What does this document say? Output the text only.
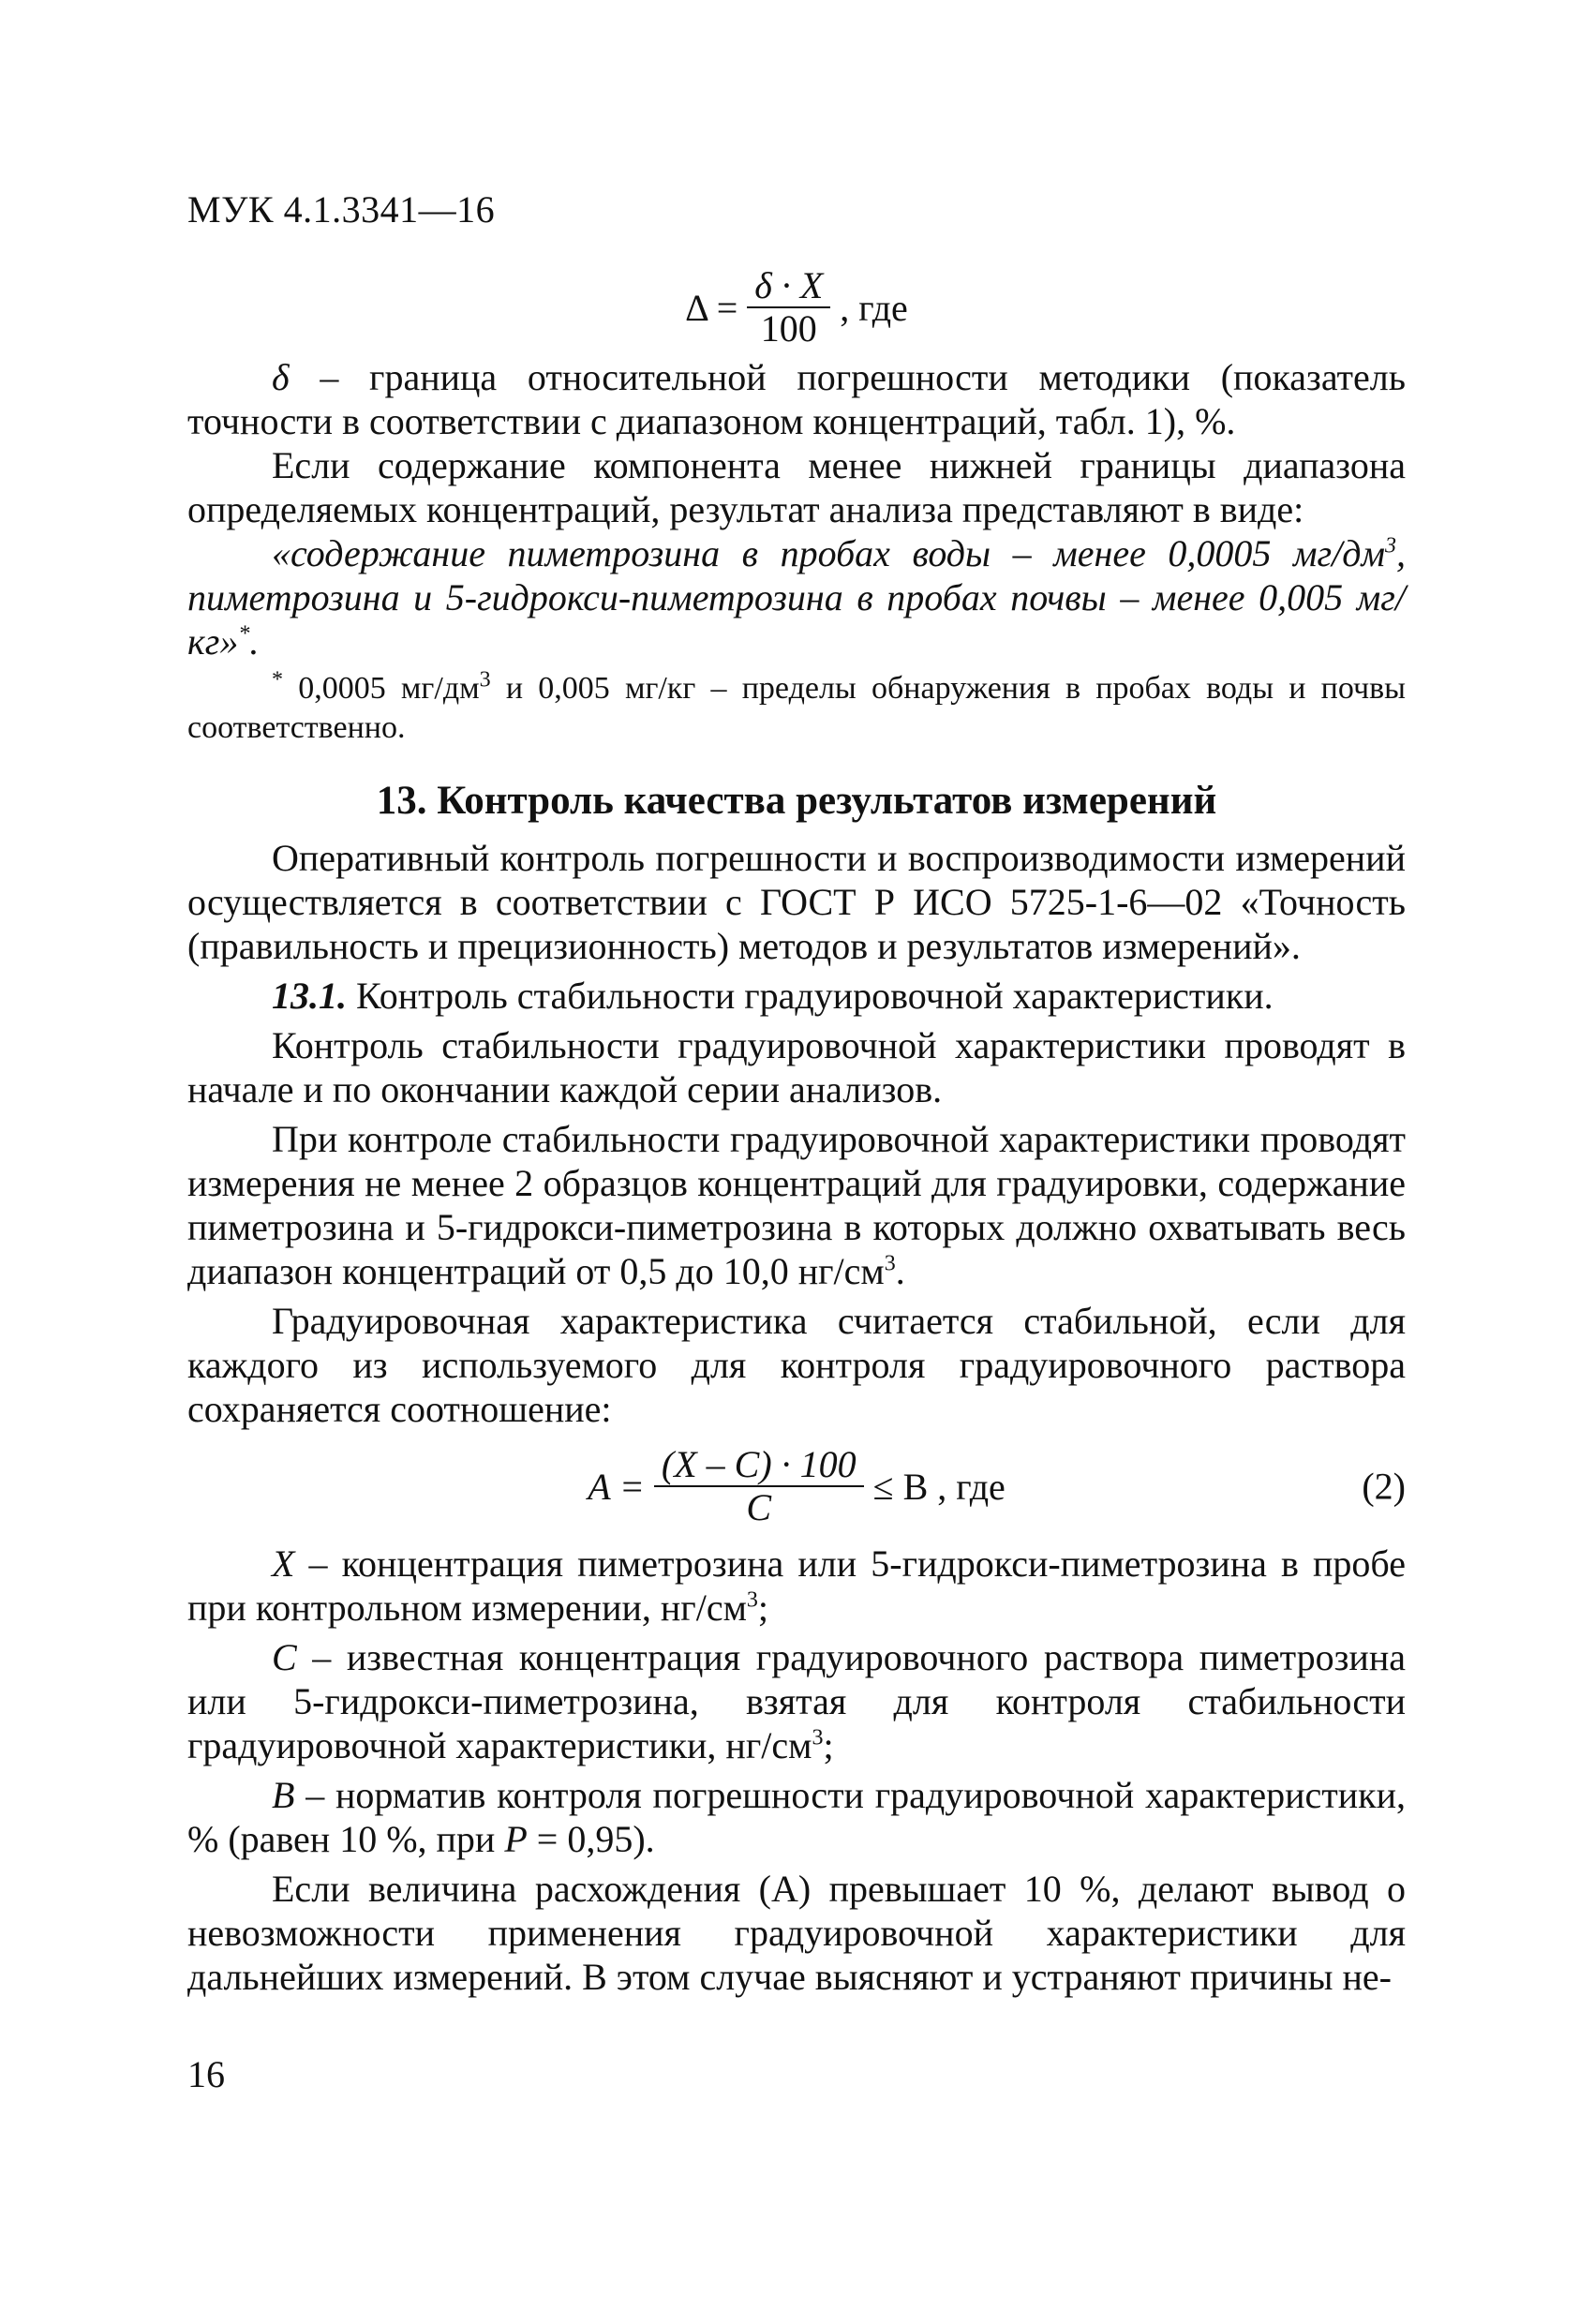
МУК 4.1.3341—16
$\Delta = \frac{\delta \cdot X}{100}$ , где

δ – граница относительной погрешности методики (показатель точности в соответствии с диапазоном концентраций, табл. 1), %.

Если содержание компонента менее нижней границы диапазона определяемых концентраций, результат анализа представляют в виде:

«содержание пиметрозина в пробах воды – менее 0,0005 $мг/дм^3$, пиметрозина и 5-гидрокси-пиметрозина в пробах почвы – менее 0,005 мг/кг»*.

* 0,0005 $мг/дм^3$ и 0,005 мг/кг – пределы обнаружения в пробах воды и почвы соответственно.
13. Контроль качества результатов измерений

Оперативный контроль погрешности и воспроизводимости измерений осуществляется в соответствии с ГОСТ Р ИСО 5725-1-6—02 «Точность (правильность и прецизионность) методов и результатов измерений».

13.1. Контроль стабильности градуировочной характеристики.

Контроль стабильности градуировочной характеристики проводят в начале и по окончании каждой серии анализов.

При контроле стабильности градуировочной характеристики проводят измерения не менее 2 образцов концентраций для градуировки, содержание пиметрозина и 5-гидрокси-пиметрозина в которых должно охватывать весь диапазон концентраций от 0,5 до 10,0 $нг/см^3$.

Градуировочная характеристика считается стабильной, если для каждого из используемого для контроля градуировочного раствора сохраняется соотношение:

$A = \frac{(X - C) \cdot 100}{C} \le B$ , где	(2)

X – концентрация пиметрозина или 5-гидрокси-пиметрозина в пробе при контрольном измерении, $нг/см^3$;

C – известная концентрация градуировочного раствора пиметрозина или 5-гидрокси-пиметрозина, взятая для контроля стабильности градуировочной характеристики, $нг/см^3$;

B – норматив контроля погрешности градуировочной характеристики, % (равен 10 %, при P = 0,95).

Если величина расхождения (А) превышает 10 %, делают вывод о невозможности применения градуировочной характеристики для дальнейших измерений. В этом случае выясняют и устраняют причины не-

16
